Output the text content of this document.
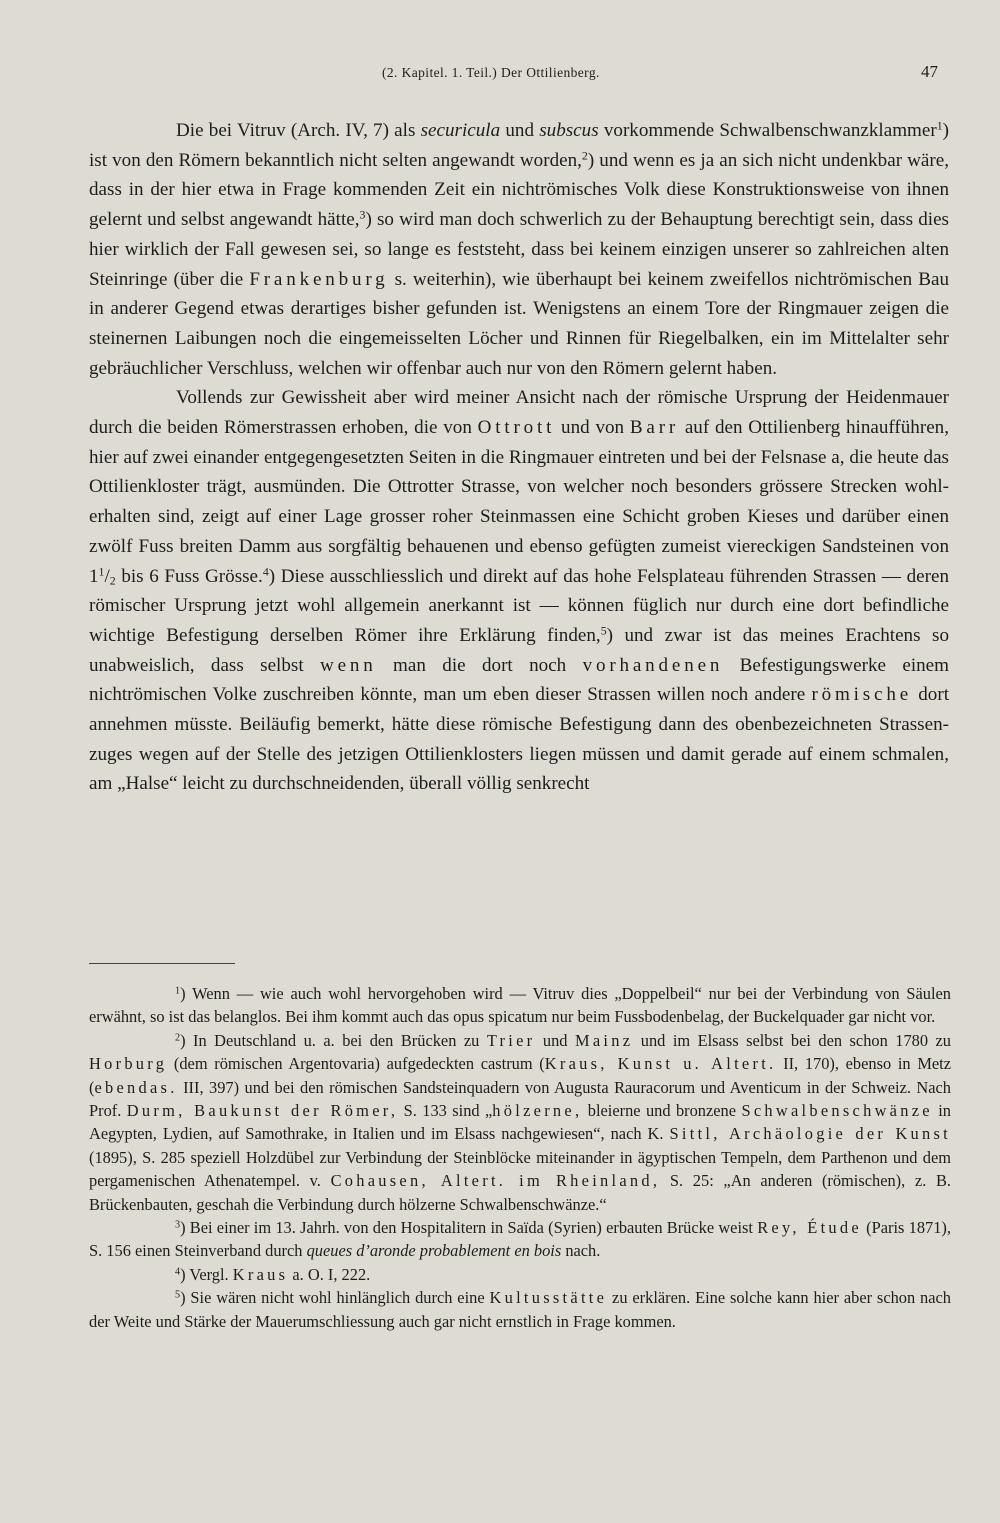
(2. Kapitel. 1. Teil.) Der Ottilienberg.	47

Die bei Vitruv (Arch. IV, 7) als securicula und subscus vorkommende Schwalbenschwanzklammer$^1$) ist von den Römern bekanntlich nicht selten angewandt worden,$^2$) und wenn es ja an sich nicht undenkbar wäre, dass in der hier etwa in Frage kommenden Zeit ein nichtrömisches Volk diese Konstruktionsweise von ihnen gelernt und selbst angewandt hätte,$^3$) so wird man doch schwerlich zu der Behauptung berechtigt sein, dass dies hier wirklich der Fall gewesen sei, so lange es feststeht, dass bei keinem einzigen unserer so zahlreichen alten Steinringe (über die Frankenburg s. weiterhin), wie überhaupt bei keinem zweifellos nichtrömischen Bau in anderer Gegend etwas derartiges bisher gefunden ist. Wenigstens an einem Tore der Ringmauer zeigen die steinernen Laibungen noch die eingemeisselten Löcher und Rinnen für Riegelbalken, ein im Mittelalter sehr gebräuchlicher Verschluss, welchen wir offenbar auch nur von den Römern gelernt haben.

Vollends zur Gewissheit aber wird meiner Ansicht nach der römische Ursprung der Heidenmauer durch die beiden Römerstrassen erhoben, die von Ottrott und von Barr auf den Ottilienberg hinaufführen, hier auf zwei einander entgegengesetzten Seiten in die Ringmauer eintreten und bei der Felsnase a, die heute das Ottilienkloster trägt, ausmünden. Die Ottrotter Strasse, von welcher noch besonders grössere Strecken wohlerhalten sind, zeigt auf einer Lage grosser roher Steinmassen eine Schicht groben Kieses und darüber einen zwölf Fuss breiten Damm aus sorgfältig behauenen und ebenso gefügten zumeist viereckigen Sandsteinen von $1^1/_2$ bis 6 Fuss Grösse.$^4$) Diese ausschliesslich und direkt auf das hohe Felsplateau führenden Strassen — deren römischer Ursprung jetzt wohl allgemein anerkannt ist — können füglich nur durch eine dort befindliche wichtige Befestigung derselben Römer ihre Erklärung finden,$^5$) und zwar ist das meines Erachtens so unabweislich, dass selbst wenn man die dort noch vorhandenen Befestigungswerke einem nichtrömischen Volke zuschreiben könnte, man um eben dieser Strassen willen noch andere römische dort annehmen müsste. Beiläufig bemerkt, hätte diese römische Befestigung dann des obenbezeichneten Strassenzuges wegen auf der Stelle des jetzigen Ottilienklosters liegen müssen und damit gerade auf einem schmalen, am „Halse“ leicht zu durchschneidenden, überall völlig senkrecht

$^1$) Wenn — wie auch wohl hervorgehoben wird — Vitruv dies „Doppelbeil“ nur bei der Verbindung von Säulen erwähnt, so ist das belanglos. Bei ihm kommt auch das opus spicatum nur beim Fussbodenbelag, der Buckelquader gar nicht vor.

$^2$) In Deutschland u. a. bei den Brücken zu Trier und Mainz und im Elsass selbst bei den schon 1780 zu Horburg (dem römischen Argentovaria) aufgedeckten castrum (Kraus, Kunst u. Altert. II, 170), ebenso in Metz (ebendas. III, 397) und bei den römischen Sandsteinquadern von Augusta Rauracorum und Aventicum in der Schweiz. Nach Prof. Durm, Baukunst der Römer, S. 133 sind „hölzerne, bleierne und bronzene Schwalbenschwänze in Aegypten, Lydien, auf Samothrake, in Italien und im Elsass nachgewiesen“, nach K. Sittl, Archäologie der Kunst (1895), S. 285 speziell Holzdübel zur Verbindung der Steinblöcke miteinander in ägyptischen Tempeln, dem Parthenon und dem pergamenischen Athenatempel. v. Cohausen, Altert. im Rheinland, S. 25: „An anderen (römischen), z. B. Brückenbauten, geschah die Verbindung durch hölzerne Schwalbenschwänze.“

$^3$) Bei einer im 13. Jahrh. von den Hospitalitern in Saïda (Syrien) erbauten Brücke weist Rey, Étude (Paris 1871), S. 156 einen Steinverband durch queues d’aronde probablement en bois nach.

$^4$) Vergl. Kraus a. O. I, 222.

$^5$) Sie wären nicht wohl hinlänglich durch eine Kultusstätte zu erklären. Eine solche kann hier aber schon nach der Weite und Stärke der Mauerumschliessung auch gar nicht ernstlich in Frage kommen.
